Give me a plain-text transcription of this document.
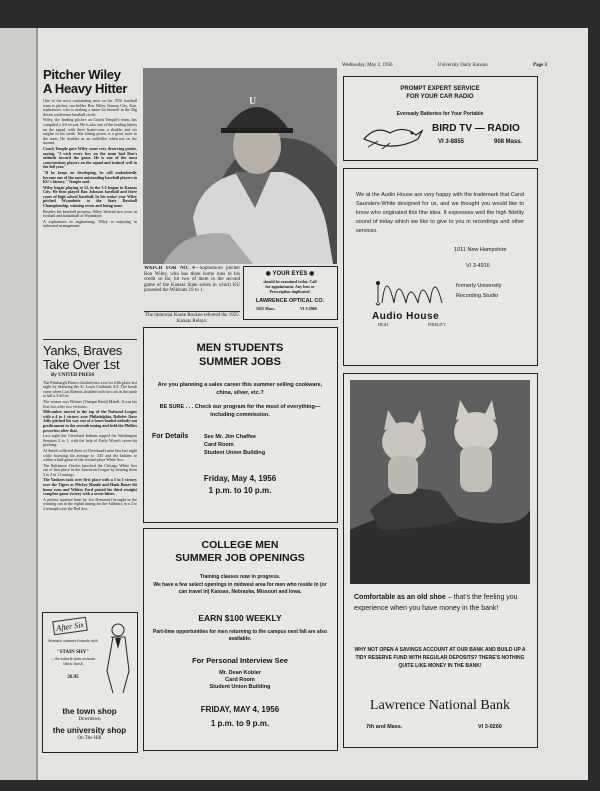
Wednesday, May 2, 1956	University Daily Kansan	Page 3
Pitcher Wiley
A Heavy Hitter

One of the most outstanding men on the 1956 baseball team is pitcher, out-fielder Ron Wiley, Kansas City, Kan. sophomore, who is making a name for himself in the Big Seven conference baseball circle.

Wiley, the leading pitcher on Coach Temple's team, has compiled a 4-0 record. He is also one of the leading hitters on the squad, with three home-runs, a double, and six singles to his credit. His hitting power is a great asset to the team. He doubles as an outfielder when not on the mound.

Coach Temple gave Wiley some very deserving praise, saying, "I wish every boy on the team had Ron's attitude toward the game. He is one of the most conscientious players on the squad and trained well in the fall year."

"If he keeps on developing, he will undoubtedly become one of the most outstanding baseball players in KU's history," Temple said.

Wiley began playing at 12, in the 3-2 league in Kansas City. He then played Ban Johnson baseball and three years of high school baseball. In his senior year Wiley pitched Wyandotte to the State Baseball Championship, winning seven and losing none.

Besides his baseball prowess, Wiley lettered two years in football and basketball at Wyandotte.

A sophomore in engineering, Wiley is majoring in industrial management.

Yanks, Braves
Take Over 1st
By UNITED PRESS

The Pittsburgh Pirates climbed into a tie for fifth place last night by defeating the St. Louis Cardinals 4-3. The break came when Curt Roberts doubled with two out in the ninth to kill a 3-all tie.

The winner was Wilmer (Vinegar Bend) Mizell. It was his first loss after two victories.

Milwaukee moved to the top of the National League with a 4 to 1 victory over Philadelphia. Reliefer Dave Jolly pitched his way out of a bases-loaded nobody-out predicament in the seventh inning and held the Phillies powerless after that.

Last night the Cleveland Indians topped the Washington Senators 2 to 1, with the help of Early Wynn's seven-hit pitching.

Al Smith collected three of Cleveland's nine hits last night while boosting his average to .345 and the Indians to within a half-game of the second-place White Sox.

The Baltimore Orioles knocked the Chicago White Sox out of first place in the American League by beating them 3 to 2 in 11 innings.

The Yankees took over first place with a 5 to 1 victory over the Tigers as Mickey Mantle and Hank Bauer hit home runs and Whitey Ford posted his third straight complete game victory with a seven-hitter.

A perfect squeeze bunt by Joe Demaestri brought in the winning run in the eighth inning for the Athletics in a 3 to 2 triumph over the Red Sox.

After Six
dramatic summer formals with
"STAIN SHY"
... the miracle stain resistant fabric finish
26.95
the town shop
Downtown
the university shop
On The Hill
U
WATCH FOR NO. 4—Sophomore pitcher Ron Wiley, who has three home runs to his credit so far, hit two of them in the second game of the Kansas State series in which KU pounded the Wildcats 19 to 1.
The immortal Knute Rockne refereed the 1925 Kansas Relays.
◉ YOUR EYES ◉
should be examined today. Call
for appointment. Any lens or
Prescription duplicated.
LAWRENCE OPTICAL CO.
1025 Mass.	VI 3-2966
MEN STUDENTS
SUMMER JOBS
Are you planning a sales career this summer selling cookware, china, silver, etc.?
BE SURE . . . Check our program for the most of everything—including commission.
For Details	See Mr. Jim Chaffee
Card Room
Student Union Building
Friday, May 4, 1956
1 p.m. to 10 p.m.
COLLEGE MEN
SUMMER JOB OPENINGS
Training classes now in progress.
We have a few select openings in midwest area for men who reside in (or can travel in) Kansas, Nebraska, Missouri and Iowa.
EARN $100 WEEKLY
Part-time opportunities for men returning to the campus next fall are also available.
For Personal Interview See
Mr. Dean Kobler
Card Room
Student Union Building
FRIDAY, MAY 4, 1956
1 p.m. to 9 p.m.
PROMPT EXPERT SERVICE
FOR YOUR CAR RADIO
Eveready Batteries for Your Portable
BIRD TV — RADIO
VI 3-8855	908 Mass.
We at the Audio House are very happy with the trademark that Carol Saunders-White designed for us, and we thought you would like to know who originated this fine idea. It expresses well the high fidelity sound of today which we like to give to you in recordings and other services.
1011 New Hampshire
VI 3-4916
formerly University
Recording Studio
Audio House
HIGH	FIDELITY
Comfortable as an old shoe – that's the feeling you experience when you have money in the bank!
WHY NOT OPEN A SAVINGS ACCOUNT AT OUR BANK AND BUILD UP A TIDY RESERVE FUND WITH REGULAR DEPOSITS? THERE'S NOTHING QUITE LIKE MONEY IN THE BANK!
Lawrence National Bank
7th and Mass.	VI 3-0260
